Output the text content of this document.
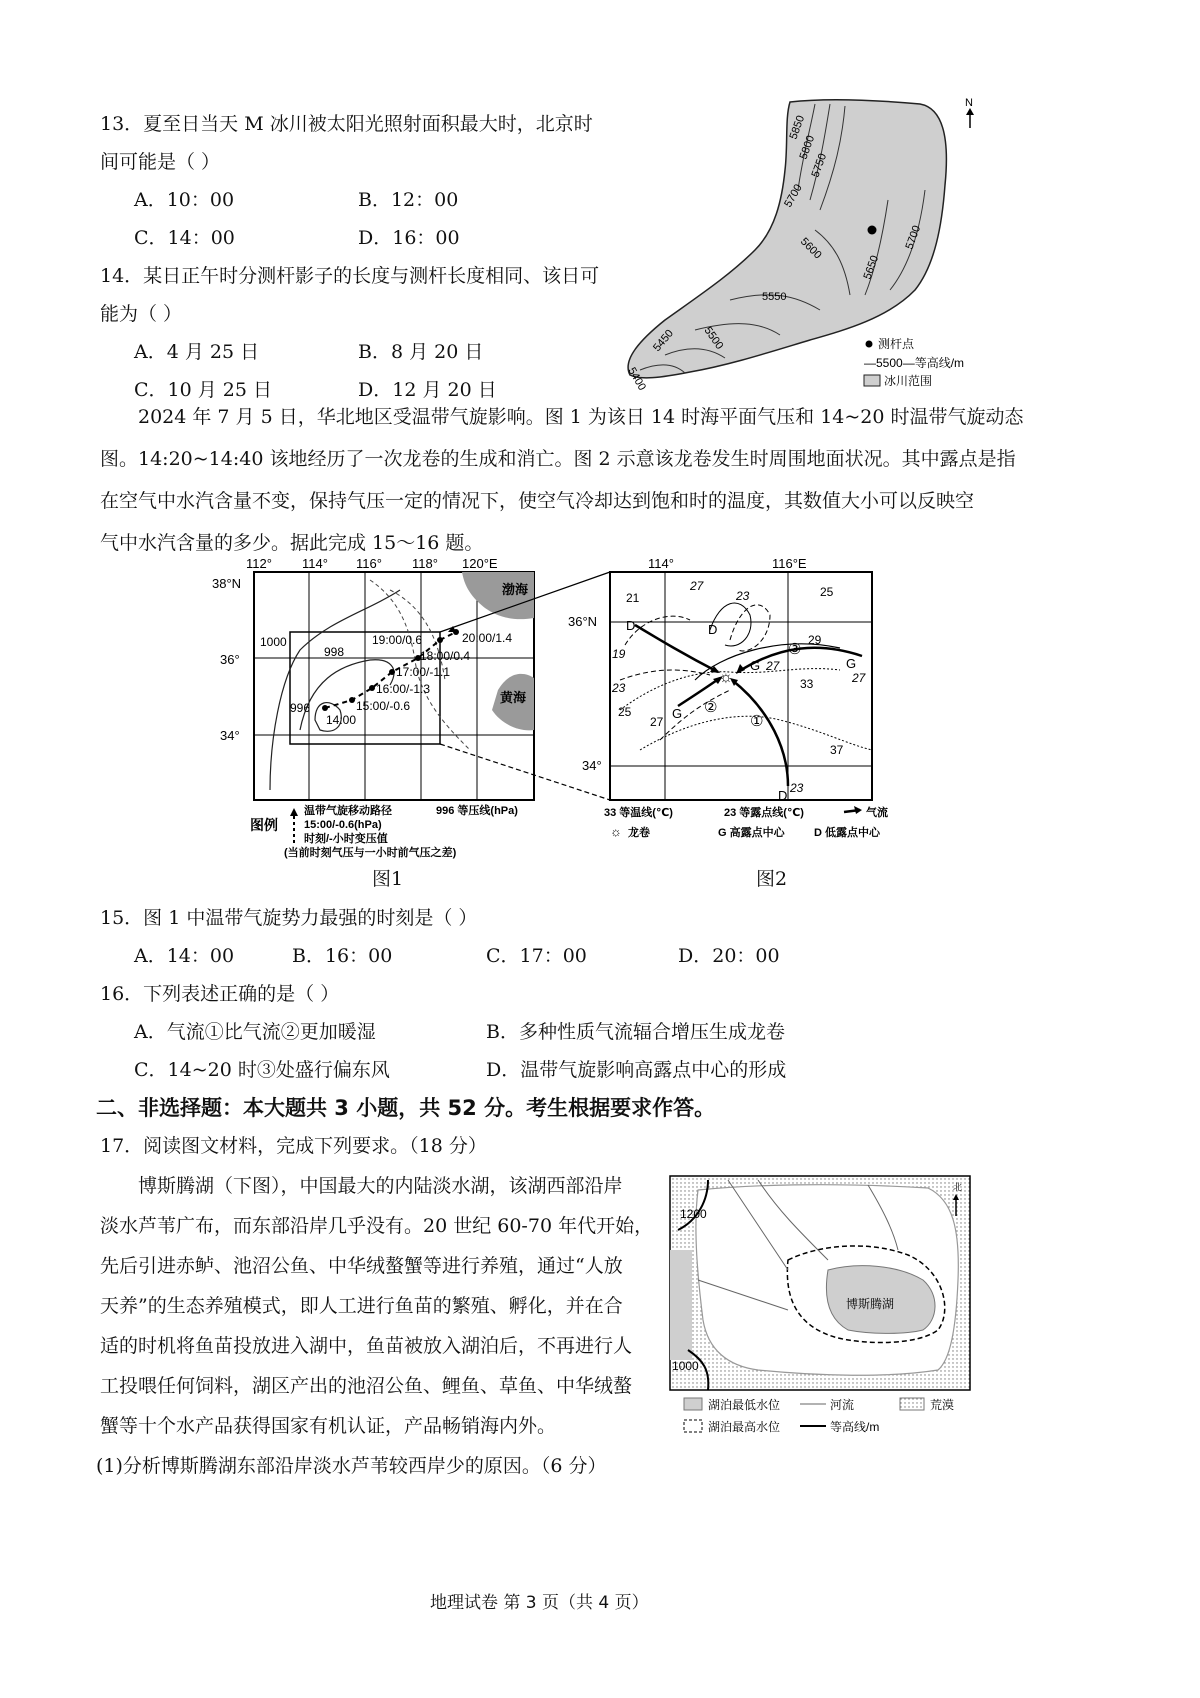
13．夏至日当天 M 冰川被太阳光照射面积最大时，北京时
间可能是（ ）
A．10：00	B．12：00
C．14：00	D．16：00
14．某日正午时分测杆影子的长度与测杆长度相同、该日可
能为（ ）
A．4 月 25 日	B．8 月 20 日
C．10 月 25 日	D．12 月 20 日
5850
5800
5750
5700
5600	5700
5650
5550
5500
5450
5400
N
测杆点
—5500—等高线/m
冰川范围
2024 年 7 月 5 日，华北地区受温带气旋影响。图 1 为该日 14 时海平面气压和 14~20 时温带气旋动态
图。14:20~14:40 该地经历了一次龙卷的生成和消亡。图 2 示意该龙卷发生时周围地面状况。其中露点是指
在空气中水汽含量不变，保持气压一定的情况下，使空气冷却达到饱和时的温度，其数值大小可以反映空
气中水汽含量的多少。据此完成 15～16 题。
渤海
黄海
1000
998
996
14:00
15:00/-0.6
16:00/-1.3
17:00/-1.1
18:00/0.4
19:00/0.6	20:00/1.4
112° 114° 116° 118° 120°E
38°N
36°
34°
图例
温带气旋移动路径
15:00/-0.6(hPa)
时刻/-小时变压值
(当前时刻气压与一小时前气压之差)
996 等压线(hPa)
☼
21
27
23	25
D	D
29
G 27	G
27
19
33
23
25
27
G
37
D 23
③
②
①
114°	116°E
36°N
34°
33 等温线(℃)	23 等露点线(℃)	气流
☼ 龙卷	G 高露点中心	D 低露点中心
图1	图2
15．图 1 中温带气旋势力最强的时刻是（ ）
A．14：00	B．16：00	C．17：00	D．20：00
16．下列表述正确的是（ ）
A．气流①比气流②更加暖湿	B．多种性质气流辐合增压生成龙卷
C．14~20 时③处盛行偏东风	D．温带气旋影响高露点中心的形成
二、非选择题：本大题共 3 小题，共 52 分。考生根据要求作答。
17．阅读图文材料，完成下列要求。（18 分）
博斯腾湖（下图），中国最大的内陆淡水湖，该湖西部沿岸
淡水芦苇广布，而东部沿岸几乎没有。20 世纪 60-70 年代开始，
先后引进赤鲈、池沼公鱼、中华绒螯蟹等进行养殖，通过“人放
天养”的生态养殖模式，即人工进行鱼苗的繁殖、孵化，并在合
适的时机将鱼苗投放进入湖中，鱼苗被放入湖泊后，不再进行人
工投喂任何饲料，湖区产出的池沼公鱼、鲤鱼、草鱼、中华绒螯
蟹等十个水产品获得国家有机认证，产品畅销海内外。
(1)分析博斯腾湖东部沿岸淡水芦苇较西岸少的原因。（6 分）
1200
1000
博斯腾湖
北
湖泊最低水位	河流	荒漠
湖泊最高水位	等高线/m
地理试卷 第 3 页（共 4 页）
